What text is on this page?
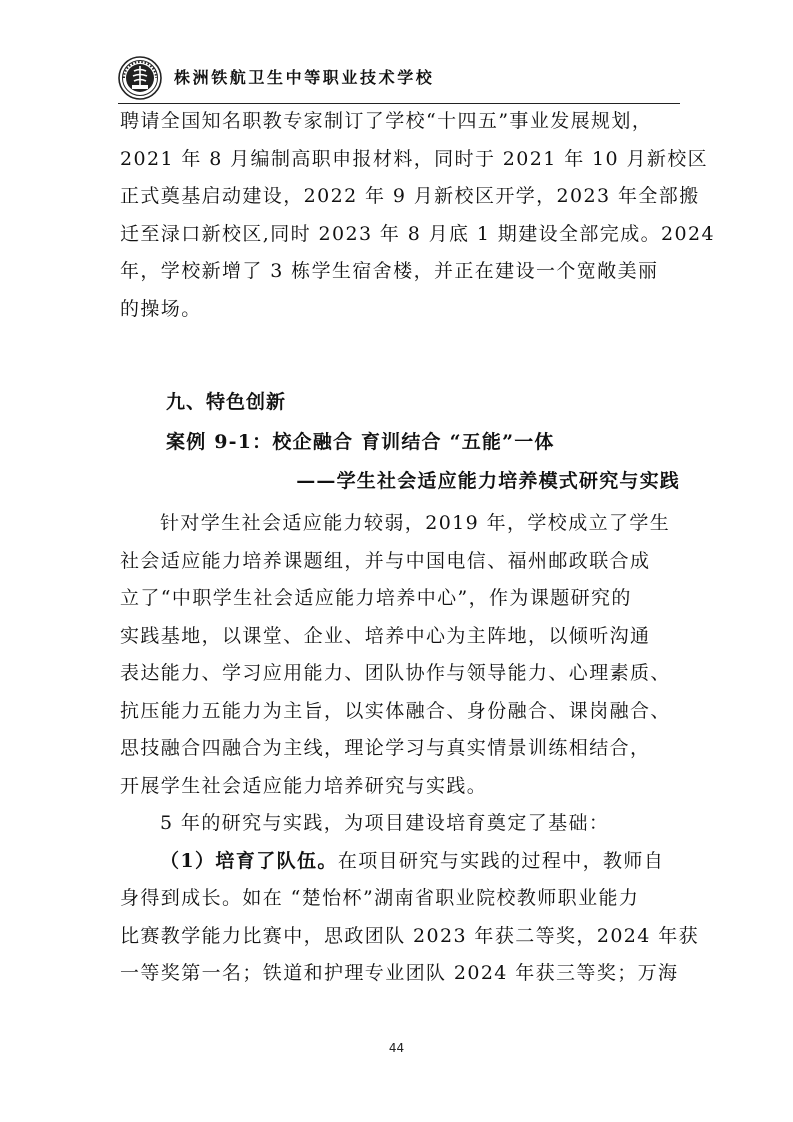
株洲铁航卫生中等职业技术学校
聘请全国知名职教专家制订了学校“十四五”事业发展规划，
2021 年 8 月编制高职申报材料，同时于 2021 年 10 月新校区
正式奠基启动建设，2022 年 9 月新校区开学，2023 年全部搬
迁至渌口新校区,同时 2023 年 8 月底 1 期建设全部完成。2024
年，学校新增了 3 栋学生宿舍楼，并正在建设一个宽敞美丽
的操场。
九、特色创新
案例 9-1：校企融合 育训结合 “五能”一体
——学生社会适应能力培养模式研究与实践
针对学生社会适应能力较弱，2019 年，学校成立了学生
社会适应能力培养课题组，并与中国电信、福州邮政联合成
立了“中职学生社会适应能力培养中心”，作为课题研究的
实践基地，以课堂、企业、培养中心为主阵地，以倾听沟通
表达能力、学习应用能力、团队协作与领导能力、心理素质、
抗压能力五能力为主旨，以实体融合、身份融合、课岗融合、
思技融合四融合为主线，理论学习与真实情景训练相结合，
开展学生社会适应能力培养研究与实践。
5 年的研究与实践，为项目建设培育奠定了基础：
（1）培育了队伍。在项目研究与实践的过程中，教师自
身得到成长。如在 “楚怡杯”湖南省职业院校教师职业能力
比赛教学能力比赛中，思政团队 2023 年获二等奖，2024 年获
一等奖第一名；铁道和护理专业团队 2024 年获三等奖；万海
44
